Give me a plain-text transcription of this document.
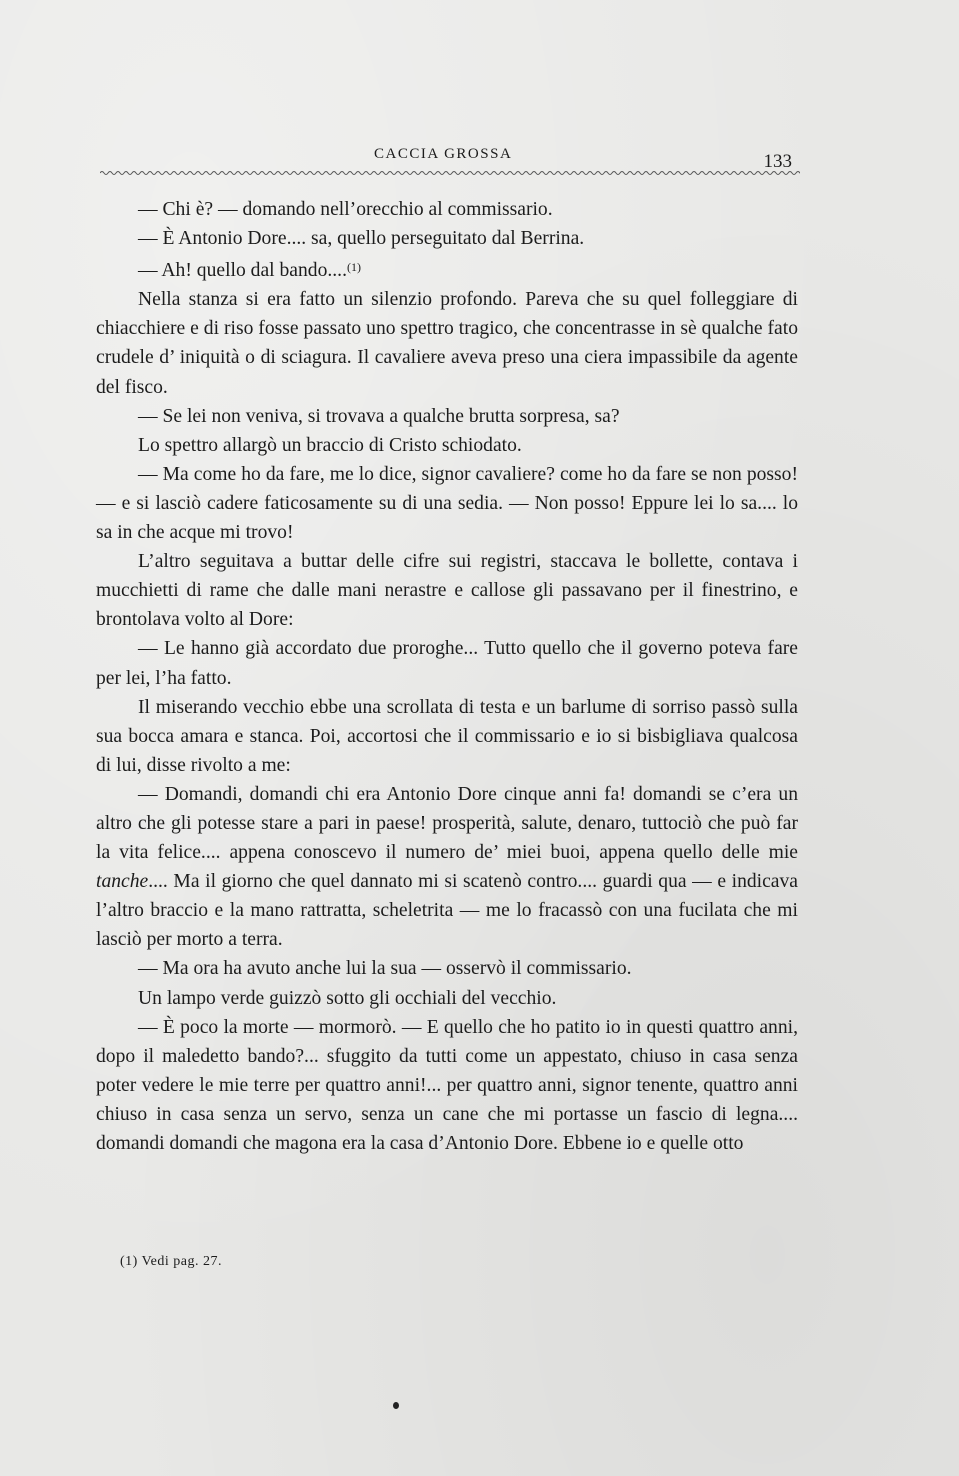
CACCIA GROSSA	133

— Chi è? — domando nell’orecchio al commissario.

— È Antonio Dore.... sa, quello perseguitato dal Berrina.

— Ah! quello dal bando....$^{(1)}$

Nella stanza si era fatto un silenzio profondo. Pareva che su quel folleggiare di chiacchiere e di riso fosse passato uno spettro tragico, che concentrasse in sè qualche fato crudele d’ iniquità o di sciagura. Il cavaliere aveva preso una ciera impassibile da agente del fisco.

— Se lei non veniva, si trovava a qualche brutta sorpresa, sa?

Lo spettro allargò un braccio di Cristo schiodato.

— Ma come ho da fare, me lo dice, signor cavaliere? come ho da fare se non posso! — e si lasciò cadere faticosamente su di una sedia. — Non posso! Eppure lei lo sa.... lo sa in che acque mi trovo!

L’altro seguitava a buttar delle cifre sui registri, staccava le bollette, contava i mucchietti di rame che dalle mani nerastre e callose gli passavano per il finestrino, e brontolava volto al Dore:

— Le hanno già accordato due proroghe... Tutto quello che il governo poteva fare per lei, l’ha fatto.

Il miserando vecchio ebbe una scrollata di testa e un barlume di sorriso passò sulla sua bocca amara e stanca. Poi, accortosi che il commissario e io si bisbigliava qualcosa di lui, disse rivolto a me:

— Domandi, domandi chi era Antonio Dore cinque anni fa! domandi se c’era un altro che gli potesse stare a pari in paese! prosperità, salute, denaro, tuttociò che può far la vita felice.... appena conoscevo il numero de’ miei buoi, appena quello delle mie tanche.... Ma il giorno che quel dannato mi si scatenò contro.... guardi qua — e indicava l’altro braccio e la mano rattratta, scheletrita — me lo fracassò con una fucilata che mi lasciò per morto a terra.

— Ma ora ha avuto anche lui la sua — osservò il commissario.

Un lampo verde guizzò sotto gli occhiali del vecchio.

— È poco la morte — mormorò. — E quello che ho patito io in questi quattro anni, dopo il maledetto bando?... sfuggito da tutti come un appestato, chiuso in casa senza poter vedere le mie terre per quattro anni!... per quattro anni, signor tenente, quattro anni chiuso in casa senza un servo, senza un cane che mi portasse un fascio di legna.... domandi domandi che magona era la casa d’Antonio Dore. Ebbene io e quelle otto

(1) Vedi pag. 27.
